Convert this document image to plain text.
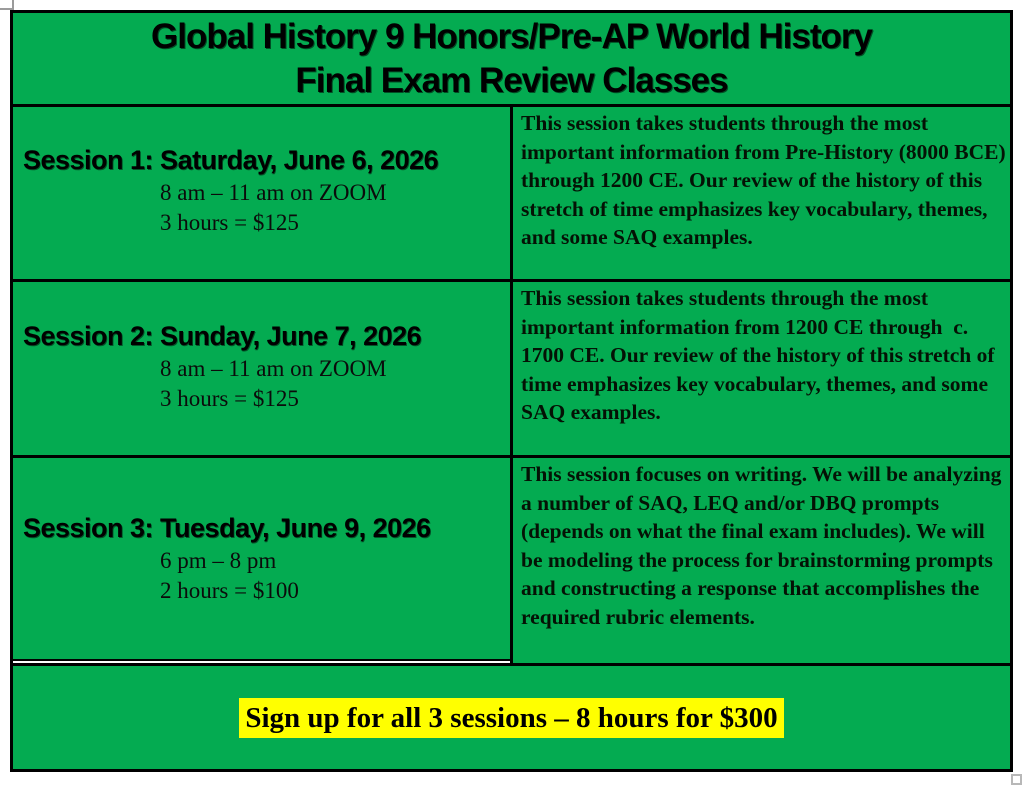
Global History 9 Honors/Pre-AP World History
Final Exam Review Classes
Session 1: Saturday, June 6, 2026
8 am – 11 am on ZOOM
3 hours = $125
This session takes students through the most important information from Pre-History (8000 BCE) through 1200 CE. Our review of the history of this stretch of time emphasizes key vocabulary, themes, and some SAQ examples.
Session 2: Sunday, June 7, 2026
8 am – 11 am on ZOOM
3 hours = $125
This session takes students through the most important information from 1200 CE through  c. 1700 CE. Our review of the history of this stretch of time emphasizes key vocabulary, themes, and some SAQ examples.
Session 3: Tuesday, June 9, 2026
6 pm – 8 pm
2 hours = $100
This session focuses on writing. We will be analyzing a number of SAQ, LEQ and/or DBQ prompts (depends on what the final exam includes). We will be modeling the process for brainstorming prompts and constructing a response that accomplishes the required rubric elements.
Sign up for all 3 sessions – 8 hours for $300
